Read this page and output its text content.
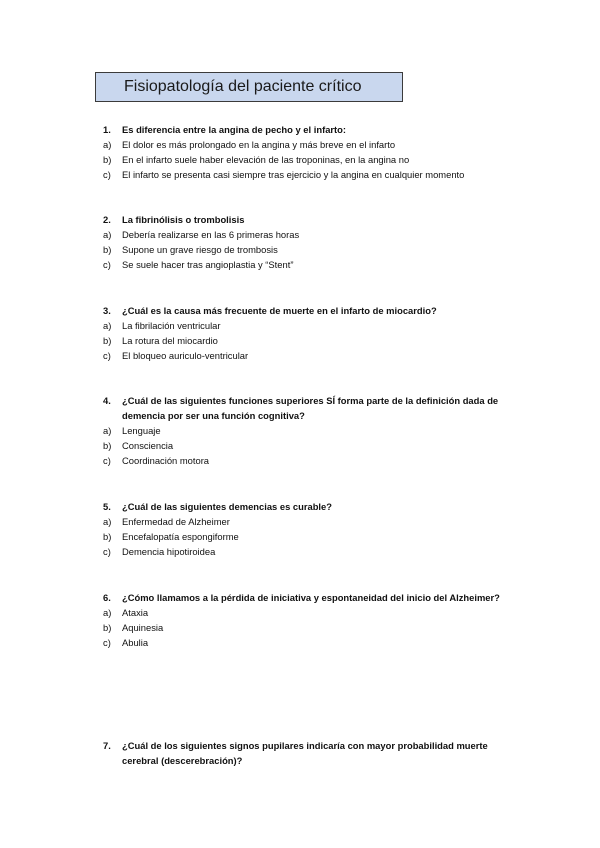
Fisiopatología del paciente crítico
1. Es diferencia entre la angina de pecho y el infarto:
a) El dolor es más prolongado en la angina y más breve en el infarto
b) En el infarto suele haber elevación de las troponinas, en la angina no
c) El infarto se presenta casi siempre tras ejercicio y la angina en cualquier momento
2. La fibrinólisis o trombolisis
a) Debería realizarse en las 6 primeras horas
b) Supone un grave riesgo de trombosis
c) Se suele hacer tras angioplastia y “Stent”
3. ¿Cuál es la causa más frecuente de muerte en el infarto de miocardio?
a) La fibrilación ventricular
b) La rotura del miocardio
c) El bloqueo auriculo-ventricular
4. ¿Cuál de las siguientes funciones superiores SÍ forma parte de la definición dada de demencia por ser una función cognitiva?
a) Lenguaje
b) Consciencia
c) Coordinación motora
5. ¿Cuál de las siguientes demencias es curable?
a) Enfermedad de Alzheimer
b) Encefalopatía espongiforme
c) Demencia hipotiroidea
6. ¿Cómo llamamos a la pérdida de iniciativa y espontaneidad del inicio del Alzheimer?
a) Ataxia
b) Aquinesia
c) Abulia
7. ¿Cuál de los siguientes signos pupilares indicaría con mayor probabilidad muerte cerebral (descerebración)?
